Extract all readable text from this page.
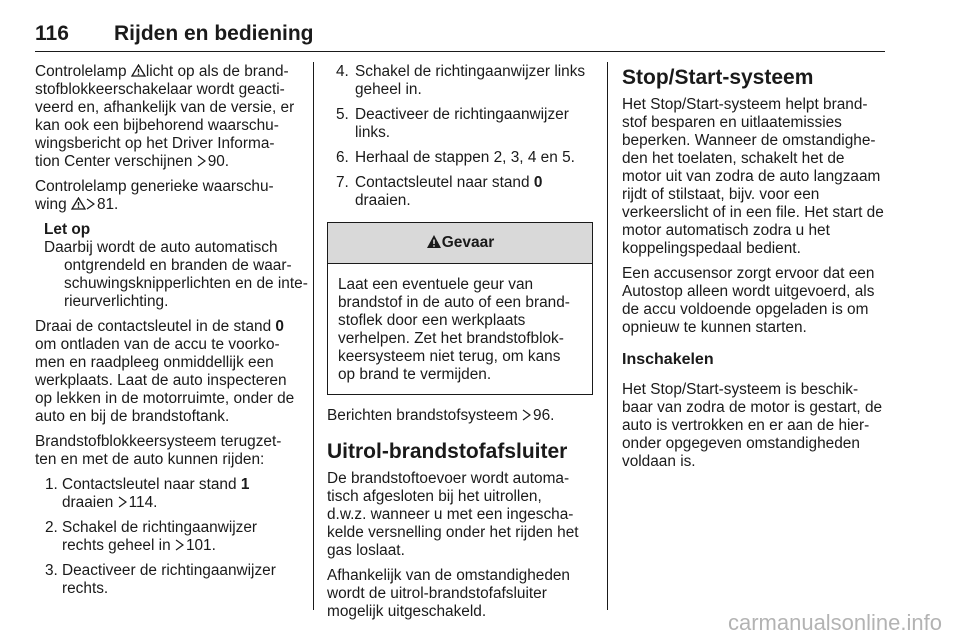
116 Rijden en bediening

Controlelamp licht op als de brand-
stofblokkeerschakelaar wordt geacti-
veerd en, afhankelijk van de versie, er
kan ook een bijbehorend waarschu-
wingsbericht op het Driver Informa-
tion Center verschijnen 90.

Controlelamp generieke waarschu-
wing 81.

Let op
Daarbij wordt de auto automatisch
ontgrendeld en branden de waar-
schuwingsknipperlichten en de inte-
rieurverlichting.

Draai de contactsleutel in de stand 0
om ontladen van de accu te voorko-
men en raadpleeg onmiddellijk een
werkplaats. Laat de auto inspecteren
op lekken in de motorruimte, onder de
auto en bij de brandstoftank.

Brandstofblokkeersysteem terugzet-
ten en met de auto kunnen rijden:

1. Contactsleutel naar stand 1
draaien 114.
2. Schakel de richtingaanwijzer
rechts geheel in 101.
3. Deactiveer de richtingaanwijzer
rechts.
4. Schakel de richtingaanwijzer links
geheel in.
5. Deactiveer de richtingaanwijzer
links.
6. Herhaal de stappen 2, 3, 4 en 5.
7. Contactsleutel naar stand 0
draaien.
Gevaar
Laat een eventuele geur van
brandstof in de auto of een brand-
stoflek door een werkplaats
verhelpen. Zet het brandstofblok-
keersysteem niet terug, om kans
op brand te vermijden.

Berichten brandstofsysteem 96.

Uitrol-brandstofafsluiter

De brandstoftoevoer wordt automa-
tisch afgesloten bij het uitrollen,
d.w.z. wanneer u met een ingescha-
kelde versnelling onder het rijden het
gas loslaat.

Afhankelijk van de omstandigheden
wordt de uitrol-brandstofafsluiter
mogelijk uitgeschakeld.

Stop/Start-systeem

Het Stop/Start-systeem helpt brand-
stof besparen en uitlaatemissies
beperken. Wanneer de omstandighe-
den het toelaten, schakelt het de
motor uit van zodra de auto langzaam
rijdt of stilstaat, bijv. voor een
verkeerslicht of in een file. Het start de
motor automatisch zodra u het
koppelingspedaal bedient.

Een accusensor zorgt ervoor dat een
Autostop alleen wordt uitgevoerd, als
de accu voldoende opgeladen is om
opnieuw te kunnen starten.

Inschakelen

Het Stop/Start-systeem is beschik-
baar van zodra de motor is gestart, de
auto is vertrokken en er aan de hier-
onder opgegeven omstandigheden
voldaan is.

carmanualsonline.info
